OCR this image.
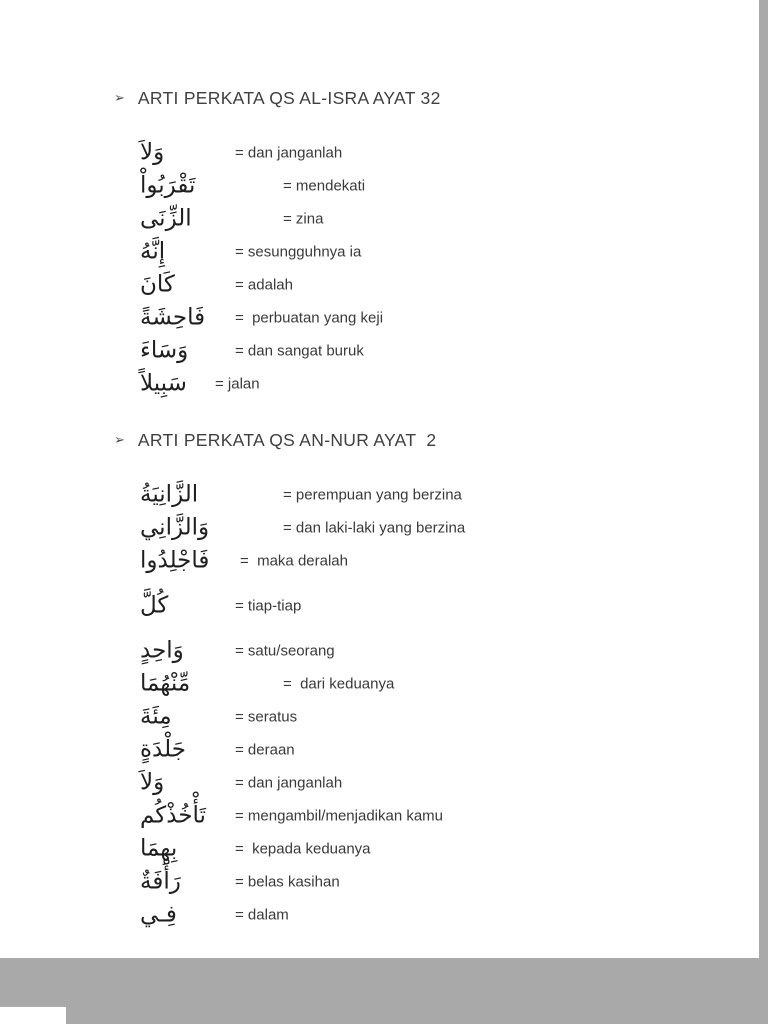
➢ ARTI PERKATA QS AL-ISRA AYAT 32
وَلاَ	= dan janganlah
تَقْرَبُواْ	= mendekati
الزِّنَى	= zina
إِنَّهُ	= sesungguhnya ia
كَانَ	= adalah
فَاحِشَةً =  perbuatan yang keji
وَسَاءَ	= dan sangat buruk
سَبِيلاً = jalan
➢ ARTI PERKATA QS AN-NUR AYAT  2
الزَّانِيَةُ	= perempuan yang berzina
وَالزَّانِي	= dan laki-laki yang berzina
فَاجْلِدُوا =  maka deralah
كُلَّ	= tiap-tiap
وَاحِدٍ	= satu/seorang
مِّنْهُمَا	=  dari keduanya
مِئَةَ	= seratus
جَلْدَةٍ	= deraan
وَلاَ	= dan janganlah
تَأْخُذْكُم = mengambil/menjadikan kamu
بِهِمَا	=  kepada keduanya
رَأْفَةٌ	= belas kasihan
فِـي	= dalam
